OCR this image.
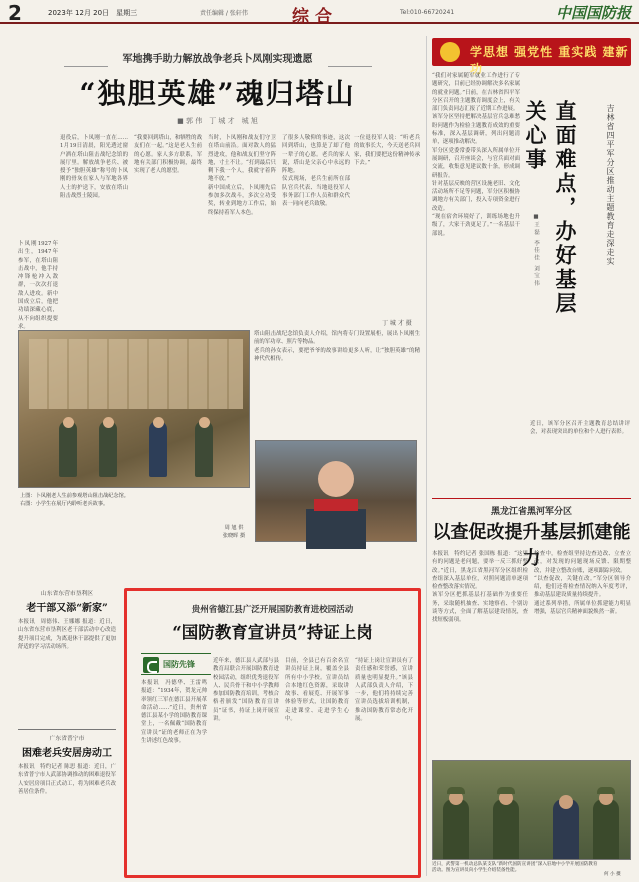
2	2023年 12月 20日　星期三	责任编辑 / 张轩伟	综合	Tel:010-66720241	中国国防报
军地携手助力解放战争老兵卜凤刚实现遗愿
“独胆英雄”魂归塔山
■ 郭 伟　丁 城 才　城 旭
退役后，卜凤刚一直在……1月19日清晨，阳光透过窗户洒在塔山阻击战纪念馆的展厅里。解放战争老兵、被授予“独胆英雄”称号的卜凤刚的骨灰在家人与军地各界人士的护送下，安放在塔山阻击战烈士陵园。
卜凤刚1927年出生，1947年参军，在塔山阻击战中，他手持冲锋枪冲入敌群，一次次打退敌人进攻。新中国成立后，他把功绩深藏心底，从不向组织提要求。
“我要回到塔山，和牺牲的战友们在一起。”这是老人生前的心愿。家人多方联系，军地有关部门积极协调，最终实现了老人的愿望。
当时，卜凤刚和战友们守卫在塔山前沿。面对敌人的猛烈进攻，他和战友们坚守阵地，寸土不让。“打到最后只剩下我一个人，我就守着阵地不放。”
新中国成立后，卜凤刚先后参加多次战斗，多次立功受奖，转业到地方工作后，始终保持着军人本色。
了很多人敬仰的事迹，这次回到塔山，也算是了却了他一辈子的心愿。老兵的家人说，塔山是父亲心中永远的阵地。
仪式现场，老兵生前所在部队官兵代表、当地退役军人事务部门工作人员和群众代表一同向老兵致敬。
一位退役军人说：“听老兵的故事长大，今天送老兵回家，我们要把这份精神传承下去。”
塔山阻击战纪念馆负责人介绍，馆内将专门设置展柜，展出卜凤刚生前的军功章、照片等物品。
老兵的孙女表示，要把爷爷的故事讲给更多人听，让“独胆英雄”的精神代代相传。
丁 城 才 摄
上图：卜凤刚老人生前参观塔山阻击战纪念馆。
右图：小学生在展厅内聆听老兵故事。
周 旭 供
张晓晖 摄
学思想 强党性 重实践 建新功
“我们对家属随军就业工作进行了专题研究，目前已经协调解决多名家属的就业问题。”日前，在吉林省四平军分区召开的主题教育调度会上，有关部门负责同志汇报了近期工作进展。
该军分区坚持把解决基层官兵急难愁盼问题作为检验主题教育成效的重要标准，深入基层调研，列出问题清单，逐项推动解决。
军分区党委常委带头深入所属单位开展调研，召开座谈会，与官兵面对面交流，收集意见建议数十条，形成调研报告。
针对基层反映的营区设施老旧、文化活动场所不足等问题，军分区积极协调地方有关部门，投入专项资金进行改造。
“现在宿舍环境好了，训练场地也升级了，大家干劲更足了。”一名基层干部说。	直面难点，办好基层关心事	吉林省四平军分区推动主题教育走深走实
■ 王 磊　李 佳 佳　刘 宝 伟
近日，该军分区召开主题教育总结讲评会，对表现突出的单位和个人进行表彰。
黑龙江省黑河军分区
以查促改提升基层抓建能力
本报讯　特约记者 张国栋 报道：“这里有的问题是老问题，要举一反三抓好整改。”近日，黑龙江省黑河军分区组织检查组深入基层单位，对照问题清单逐项检查整改落实情况。
该军分区把抓基层打基础作为重要任务，采取随机抽查、实地察看、个别访谈等方式，全面了解基层建设情况，查找短板弱项。
检查中，检查组坚持边查边改、立查立改，对发现的问题现场反馈、限期整改，并建立整改台账，逐项跟踪问效。
“以查促改，关键在改。”军分区领导介绍，他们还将检查情况纳入年度考评，推动基层建设质量持续提升。
通过系列举措，所属单位抓建能力明显增强，基层官兵精神面貌焕然一新。
近日，武警第一机动总队某支队“新时代国防宣讲团”深入驻地中小学开展国防教育活动。图为宣讲员向小学生介绍装备性能。
何 小 摄
山东省东营市垦利区
老干部又添“新家”
本报讯　周德伟、王娜娜 报道：近日，山东省东营市垦利区老干部活动中心改造提升项目完成，为离退休干部提供了更加舒适的学习活动场所。
广东省普宁市
困难老兵安居房动工
本报讯　特约记者 陈思 报道：近日，广东省普宁市人武部协调推动的困难退役军人安居房项目正式动工，将为困难老兵改善居住条件。
贵州省德江县广泛开展国防教育进校园活动
“国防教育宣讲员”持证上岗
国防先锋
本报讯　冯德华、王雷鸣 报道：“1934年，贺龙元帅率领红三军在德江县开展革命活动……”近日，贵州省德江县某小学的国防教育课堂上，一名佩戴“国防教育宣讲员”证的老师正在为学生讲述红色故事。
近年来，德江县人武部与县教育局联合开展国防教育进校园活动，组织优秀退役军人、民兵骨干和中小学教师参加国防教育培训，考核合格者颁发“国防教育宣讲员”证书，持证上岗开展宣讲。
目前，全县已有百余名宣讲员持证上岗，覆盖全县所有中小学校。宣讲员结合本地红色资源，采取讲故事、看展览、开展军事体验等形式，让国防教育走进课堂、走进学生心中。
“持证上岗让宣讲员有了责任感和荣誉感，宣讲质量也明显提升。”该县人武部负责人介绍，下一步，他们将持续完善宣讲员选拔培训机制，推动国防教育常态化开展。
